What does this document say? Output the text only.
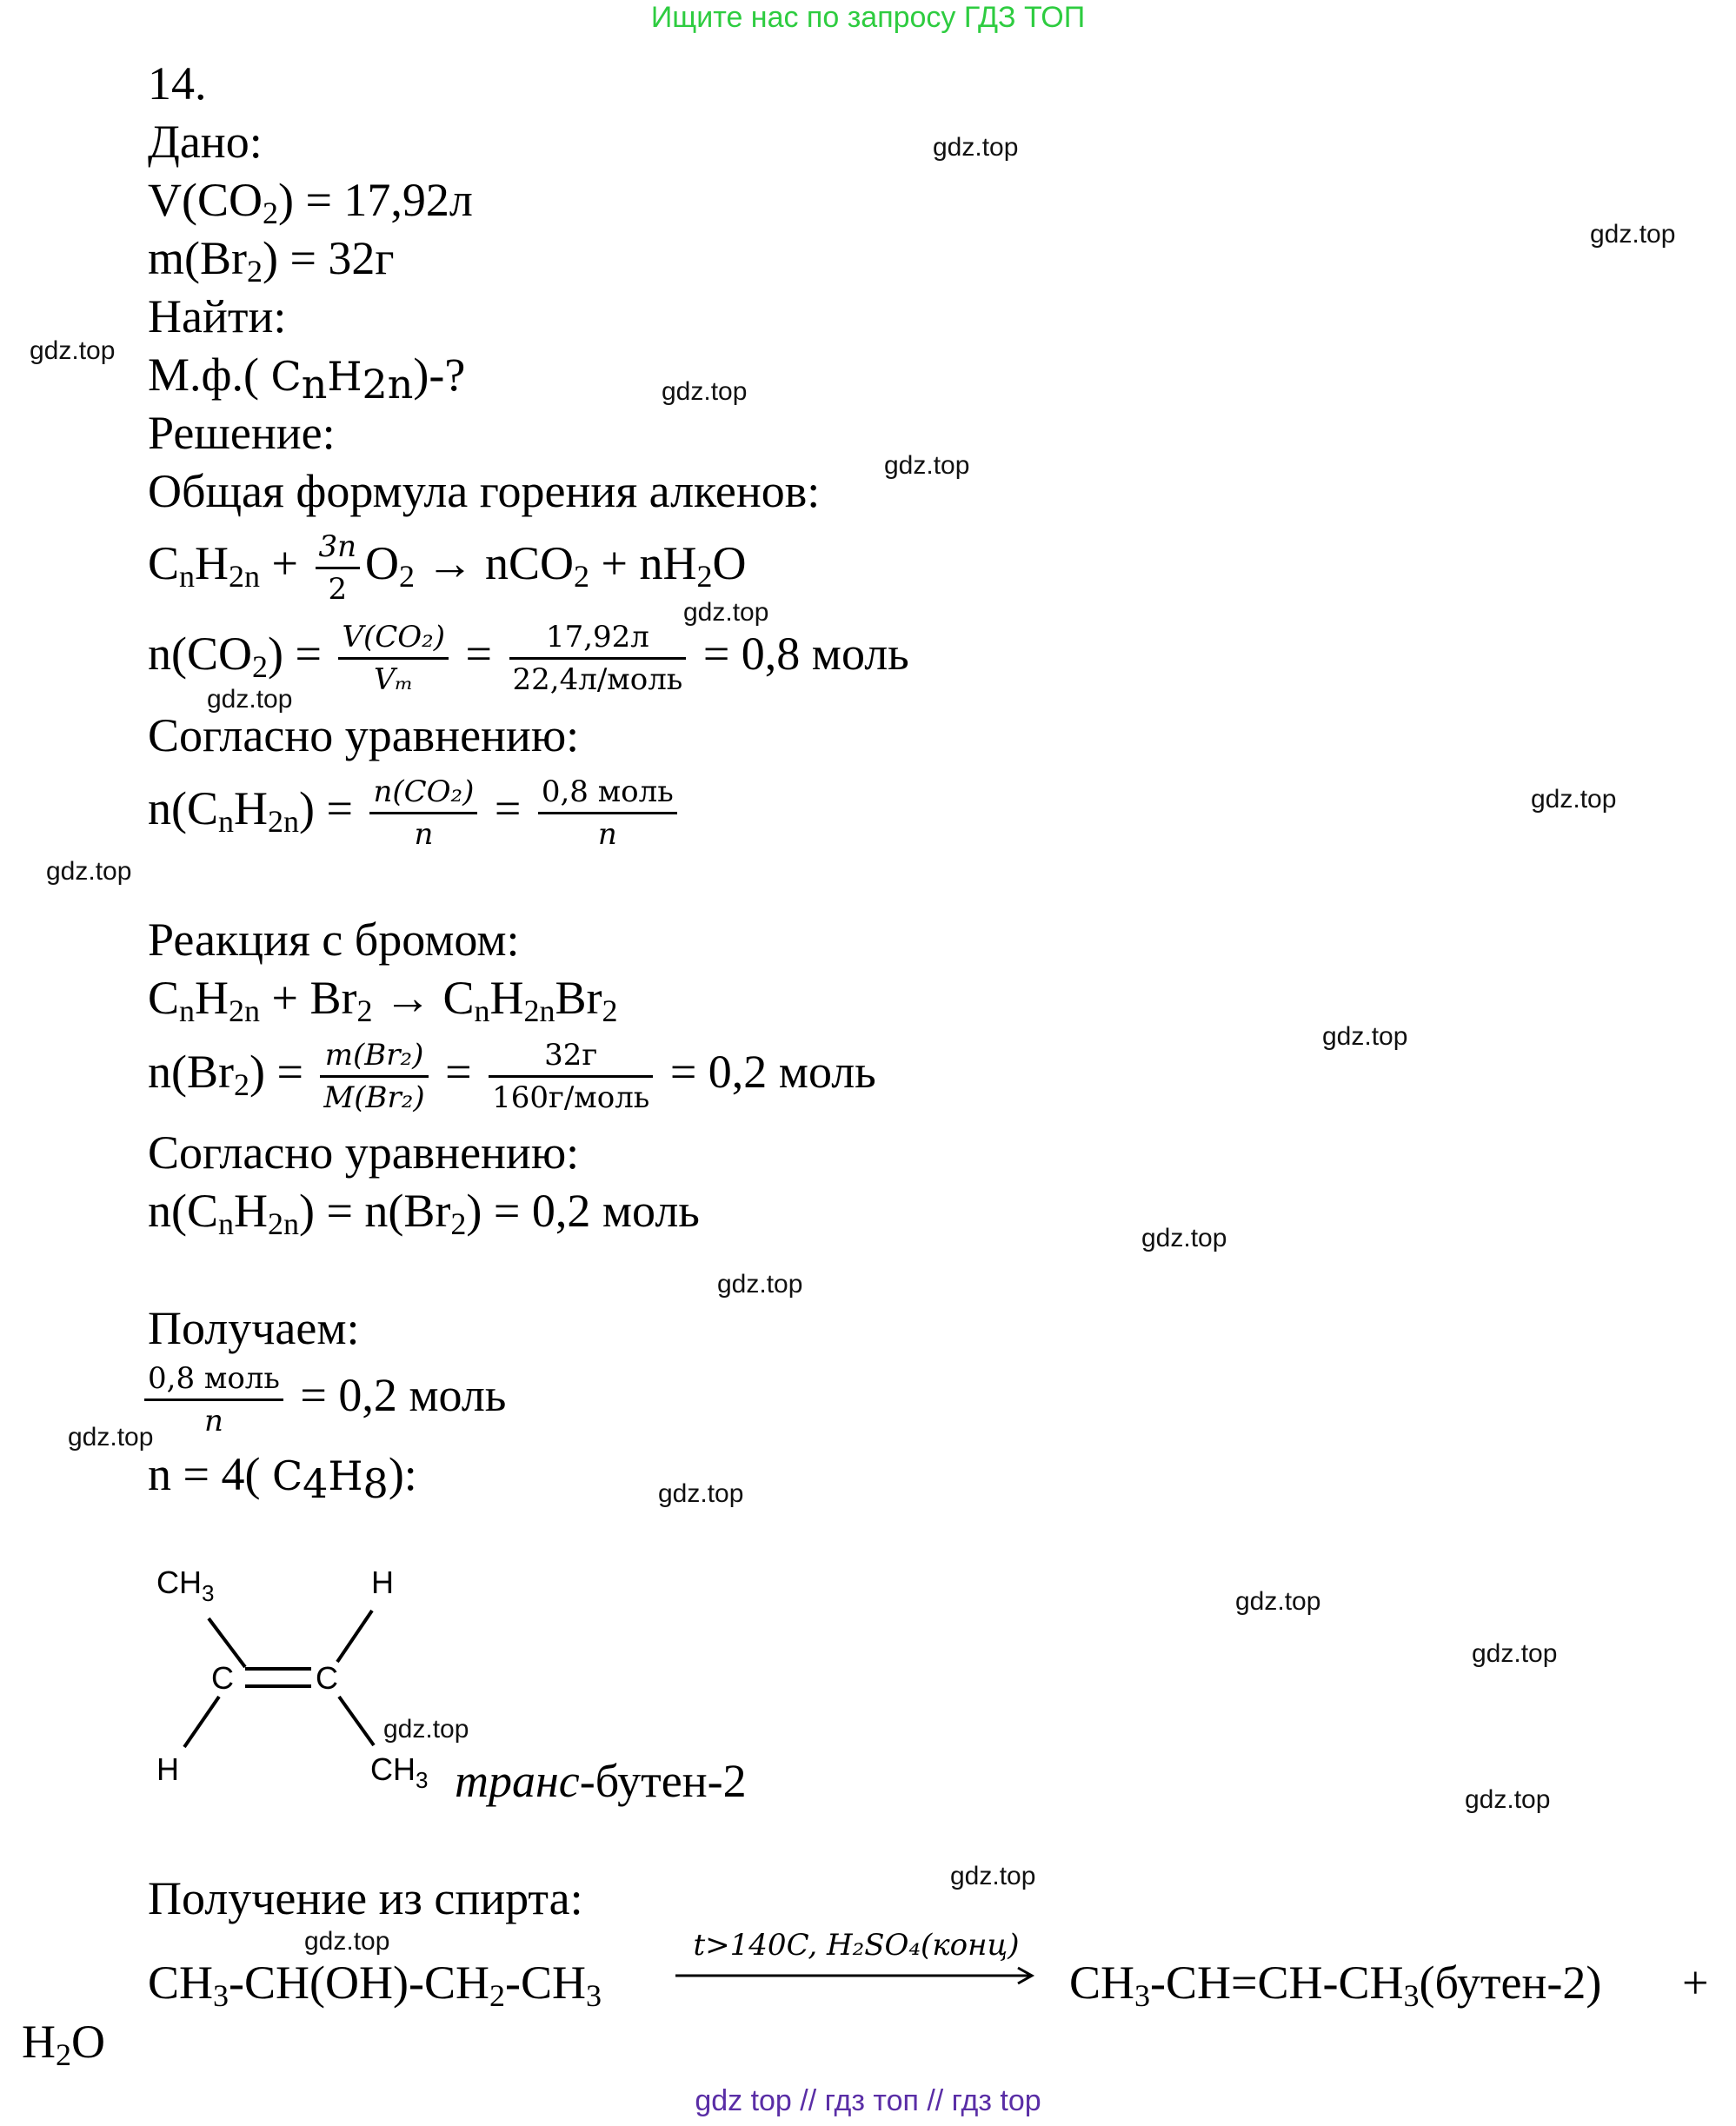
Ищите нас по запросу ГДЗ ТОП
gdz.top
gdz.top
gdz.top
gdz.top
gdz.top
gdz.top
gdz.top
gdz.top
gdz.top
gdz.top
gdz.top
gdz.top
gdz.top
gdz.top
gdz.top
gdz.top
gdz.top
gdz.top
gdz.top
gdz.top
14.
Дано:
$V(CO_2) = 17,92л$
$m(Br_2) = 32г$
Найти:
М.ф.( $C_nH_{2n})-$?
Решение:
Общая формула горения алкенов:
$C_nH_{2n} + \frac{3n}{2} O_2 \to nCO_2 + nH_2O$
$n(CO_2) = \frac{\text{V(CO₂)}}{\text{Vₘ}} = \frac{17,92л}{\text{22,4л/моль}} = 0,8$ моль
Согласно уравнению:
$n(C_nH_{2n}) = \frac{\text{n(CO₂)}}{n} = \frac{\text{0,8 моль}}{n}$
Реакция с бромом:
$C_nH_{2n} + Br_2 \to C_nH_{2n}Br_2$
$n(Br_2) = \frac{\text{m(Br₂)}}{\text{M(Br₂)}} = \frac{32г}{\text{160г/моль}} = 0,2$ моль
Согласно уравнению:
$n(C_nH_{2n}) = n(Br_2) = 0,2$ моль
Получаем:
$\frac{\text{0,8 моль}}{n} = 0,2$ моль
n = 4( $C_4H_8$):
$CH_3$	H
C	C
H	$CH_3$ транс-бутен-2
Получение из спирта:
$CH_3-CH(OH)-CH_2-CH_3$
t>140C, H₂SO₄(конц)
$CH_3-CH=CH-CH_3(бутен-2)$ +
$H_2O$
gdz top // гдз топ // гдз top
